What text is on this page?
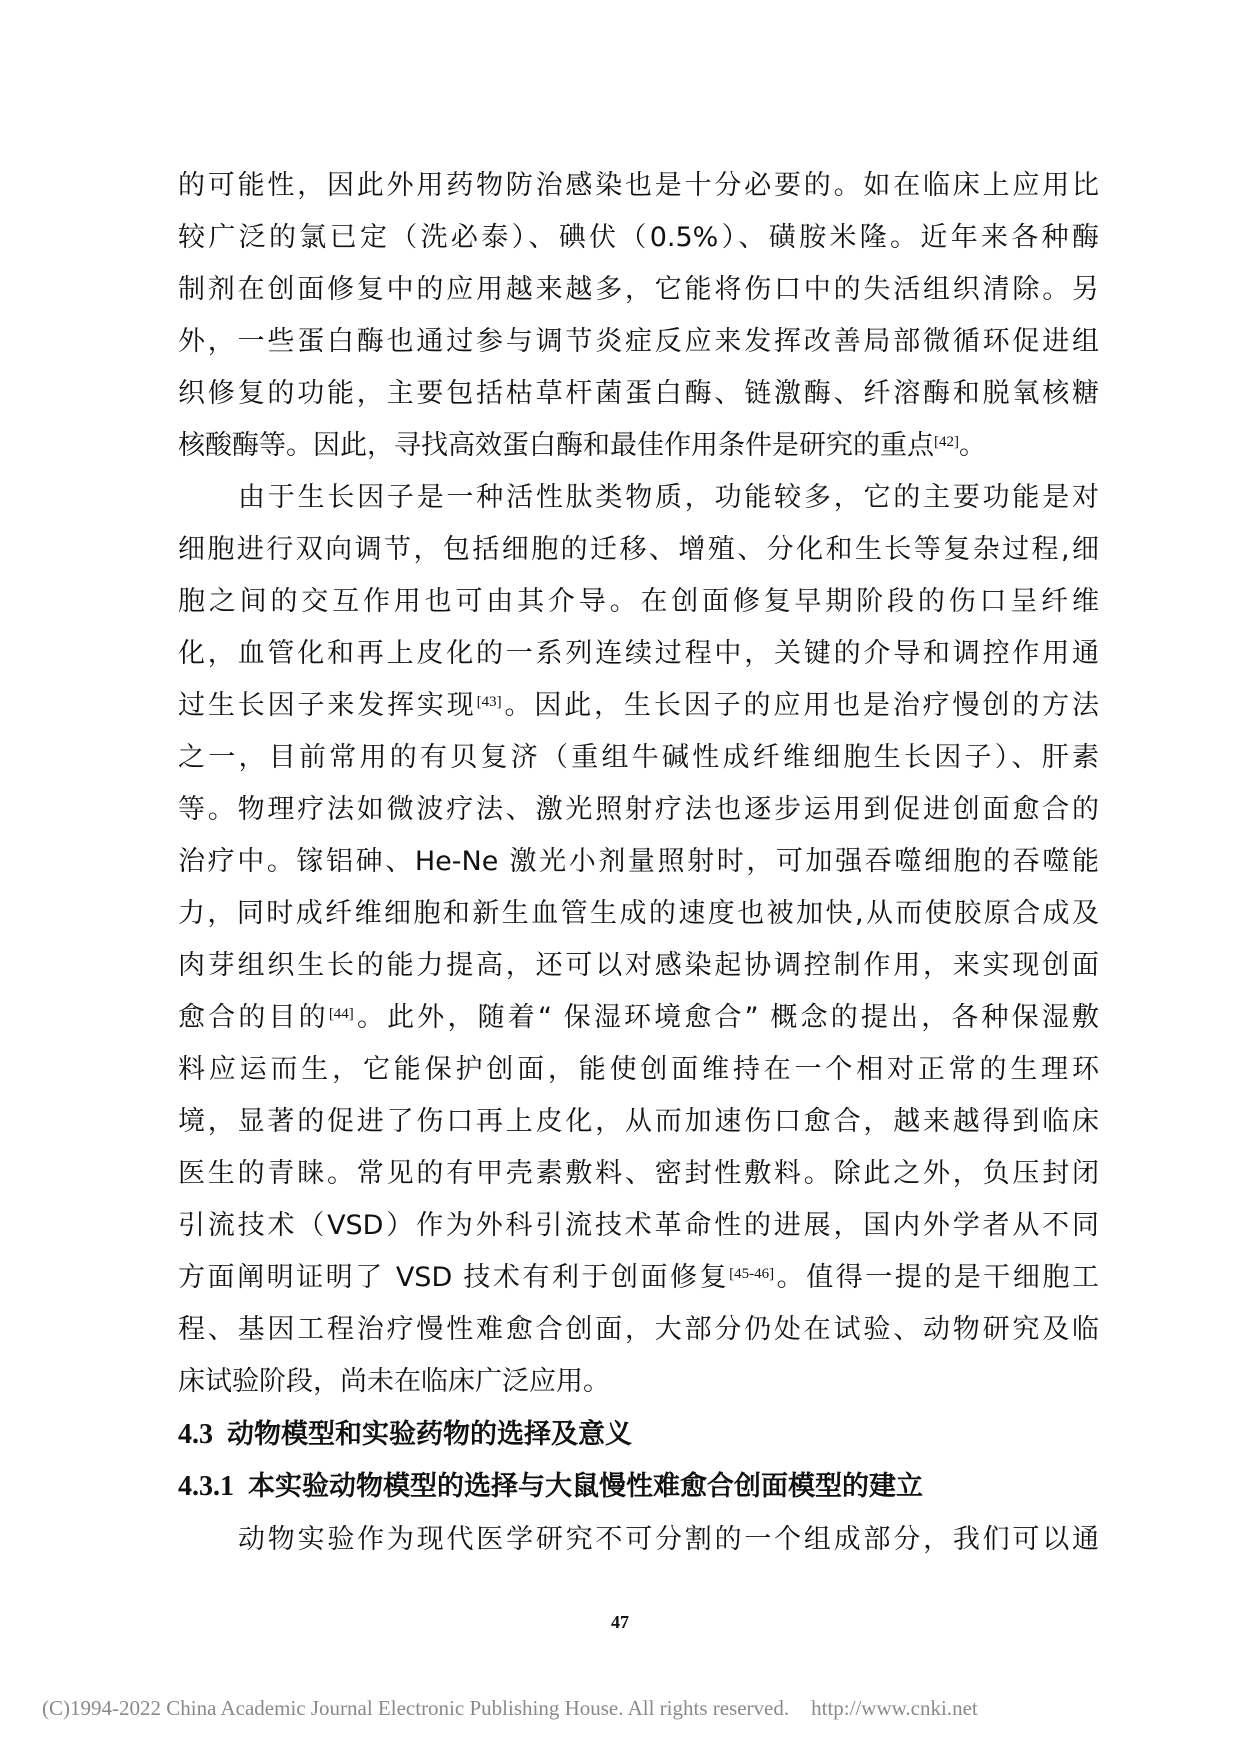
的可能性，因此外用药物防治感染也是十分必要的。如在临床上应用比
较广泛的氯已定（洗必泰）、碘伏（0.5%）、磺胺米隆。近年来各种酶
制剂在创面修复中的应用越来越多，它能将伤口中的失活组织清除。另
外，一些蛋白酶也通过参与调节炎症反应来发挥改善局部微循环促进组
织修复的功能，主要包括枯草杆菌蛋白酶、链激酶、纤溶酶和脱氧核糖
核酸酶等。因此，寻找高效蛋白酶和最佳作用条件是研究的重点[42]。
由于生长因子是一种活性肽类物质，功能较多，它的主要功能是对
细胞进行双向调节，包括细胞的迁移、增殖、分化和生长等复杂过程,细
胞之间的交互作用也可由其介导。在创面修复早期阶段的伤口呈纤维
化，血管化和再上皮化的一系列连续过程中，关键的介导和调控作用通
过生长因子来发挥实现[43]。因此，生长因子的应用也是治疗慢创的方法
之一，目前常用的有贝复济（重组牛碱性成纤维细胞生长因子）、肝素
等。物理疗法如微波疗法、激光照射疗法也逐步运用到促进创面愈合的
治疗中。镓铝砷、He-Ne 激光小剂量照射时，可加强吞噬细胞的吞噬能
力，同时成纤维细胞和新生血管生成的速度也被加快,从而使胶原合成及
肉芽组织生长的能力提高，还可以对感染起协调控制作用，来实现创面
愈合的目的[44]。此外，随着“ 保湿环境愈合” 概念的提出，各种保湿敷
料应运而生，它能保护创面，能使创面维持在一个相对正常的生理环
境，显著的促进了伤口再上皮化，从而加速伤口愈合，越来越得到临床
医生的青睐。常见的有甲壳素敷料、密封性敷料。除此之外，负压封闭
引流技术（VSD）作为外科引流技术革命性的进展，国内外学者从不同
方面阐明证明了 VSD 技术有利于创面修复[45-46]。值得一提的是干细胞工
程、基因工程治疗慢性难愈合创面，大部分仍处在试验、动物研究及临
床试验阶段，尚未在临床广泛应用。
4.3 动物模型和实验药物的选择及意义
4.3.1 本实验动物模型的选择与大鼠慢性难愈合创面模型的建立
动物实验作为现代医学研究不可分割的一个组成部分，我们可以通
47
(C)1994-2022 China Academic Journal Electronic Publishing House. All rights reserved. http://www.cnki.net
